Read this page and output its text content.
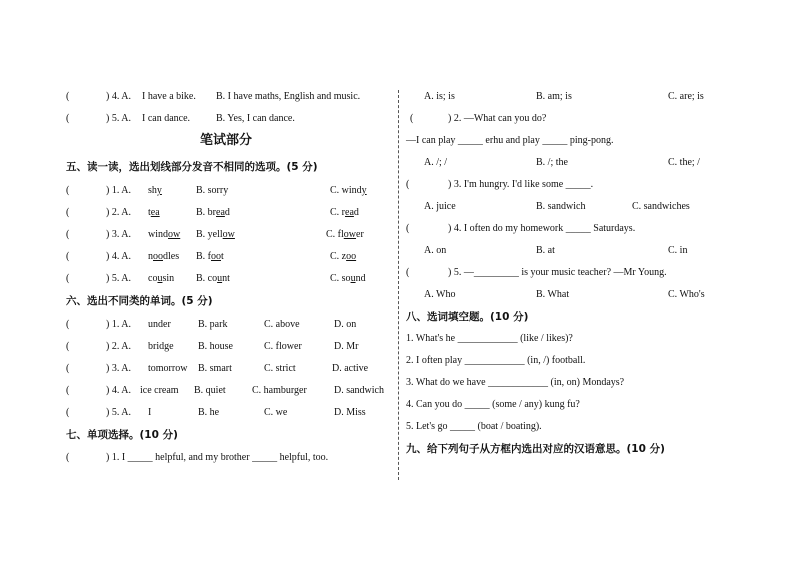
(	) 4. A. I have a bike. B. I have maths, English and music.
(	) 5. A. I can dance.	B. Yes, I can dance.
笔试部分
五、读一读，选出划线部分发音不相同的选项。(5 分)
(	) 1. A. shy	B. sorry	C. windy
(	) 2. A. tea	B. bread	C. read
(	) 3. A. window B. yellow	C. flower
(	) 4. A. noodles B. foot	C. zoo
(	) 5. A. cousin B. count	C. sound
六、选出不同类的单词。(5 分)
(	) 1. A. under	B. park	C. above	D. on
(	) 2. A. bridge B. house	C. flower	D. Mr
(	) 3. A. tomorrow B. smart	C. strict	D. active
(	) 4. A. ice cream B. quiet	C. hamburger	D. sandwich
(	) 5. A. I	B. he	C. we	D. Miss
七、单项选择。(10 分)
(	) 1. I _____ helpful, and my brother _____ helpful, too.
A. is; is	B. am; is	C. are; is
(	) 2. —What can you do?
—I can play _____ erhu and play _____ ping-pong.
A. /; /	B. /; the	C. the; /
(	) 3. I'm hungry. I'd like some _____.
A. juice	B. sandwich	C. sandwiches
(	) 4. I often do my homework _____ Saturdays.
A. on	B. at	C. in
(	) 5. —_________ is your music teacher? —Mr Young.
A. Who	B. What	C. Who's
八、选词填空题。(10 分)
1. What's he ____________ (like / likes)?
2. I often play ____________ (in, /) football.
3. What do we have ____________ (in, on) Mondays?
4. Can you do _____ (some / any) kung fu?
5. Let's go _____ (boat / boating).
九、给下列句子从方框内选出对应的汉语意思。(10 分)
